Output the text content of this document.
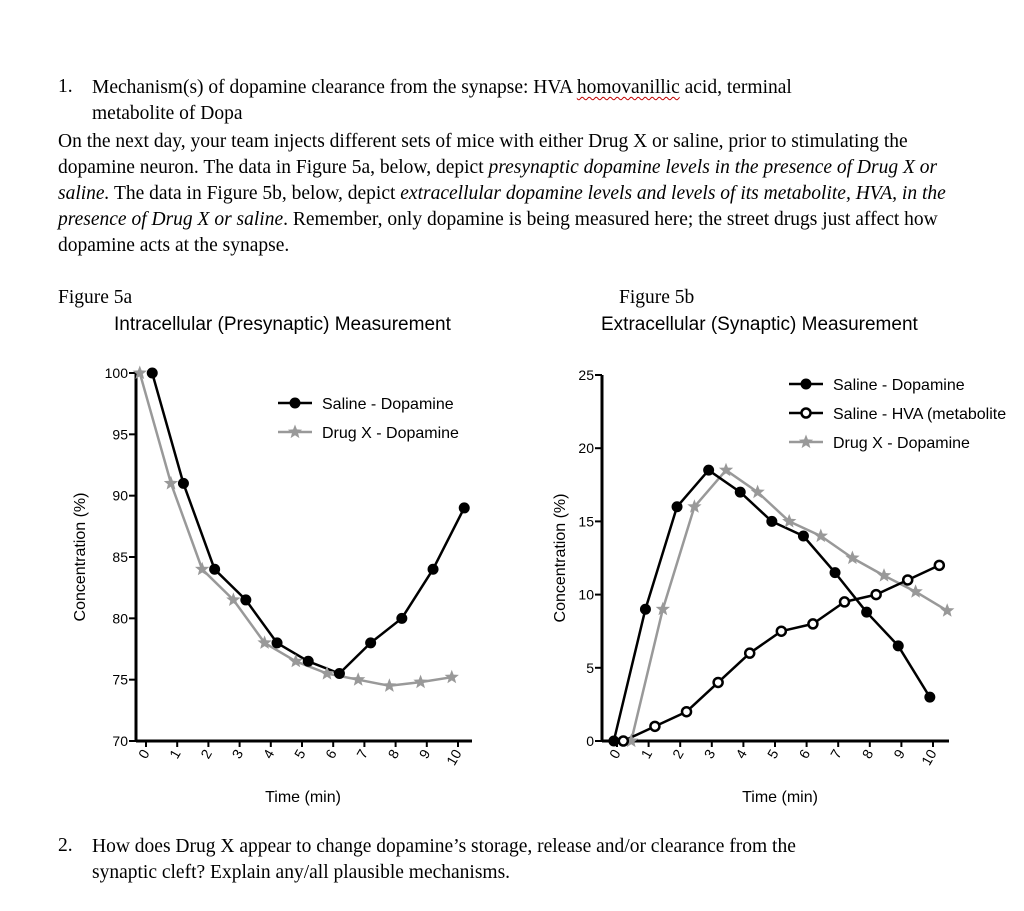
1. Mechanism(s) of dopamine clearance from the synapse: HVA homovanillic acid, terminal
metabolite of Dopa
On the next day, your team injects different sets of mice with either Drug X or saline, prior to stimulating the dopamine neuron. The data in Figure 5a, below, depict presynaptic dopamine levels in the presence of Drug X or saline. The data in Figure 5b, below, depict extracellular dopamine levels and levels of its metabolite, HVA, in the presence of Drug X or saline. Remember, only dopamine is being measured here; the street drugs just affect how dopamine acts at the synapse.
Figure 5a
Intracellular (Presynaptic) Measurement
Figure 5b
Extracellular (Synaptic) Measurement
70
75
80
85
90
95
100
0 1 2 3 4 5 6 7 8 9 10
Time (min)
Concentration (%)
Saline - Dopamine
Drug X - Dopamine
0
5
10
15
20
25
0 1 2 3 4 5 6 7 8 9 10
Time (min)
Concentration (%)
Saline - Dopamine
Saline - HVA (metabolite
Drug X - Dopamine
2. How does Drug X appear to change dopamine’s storage, release and/or clearance from the
synaptic cleft? Explain any/all plausible mechanisms.
